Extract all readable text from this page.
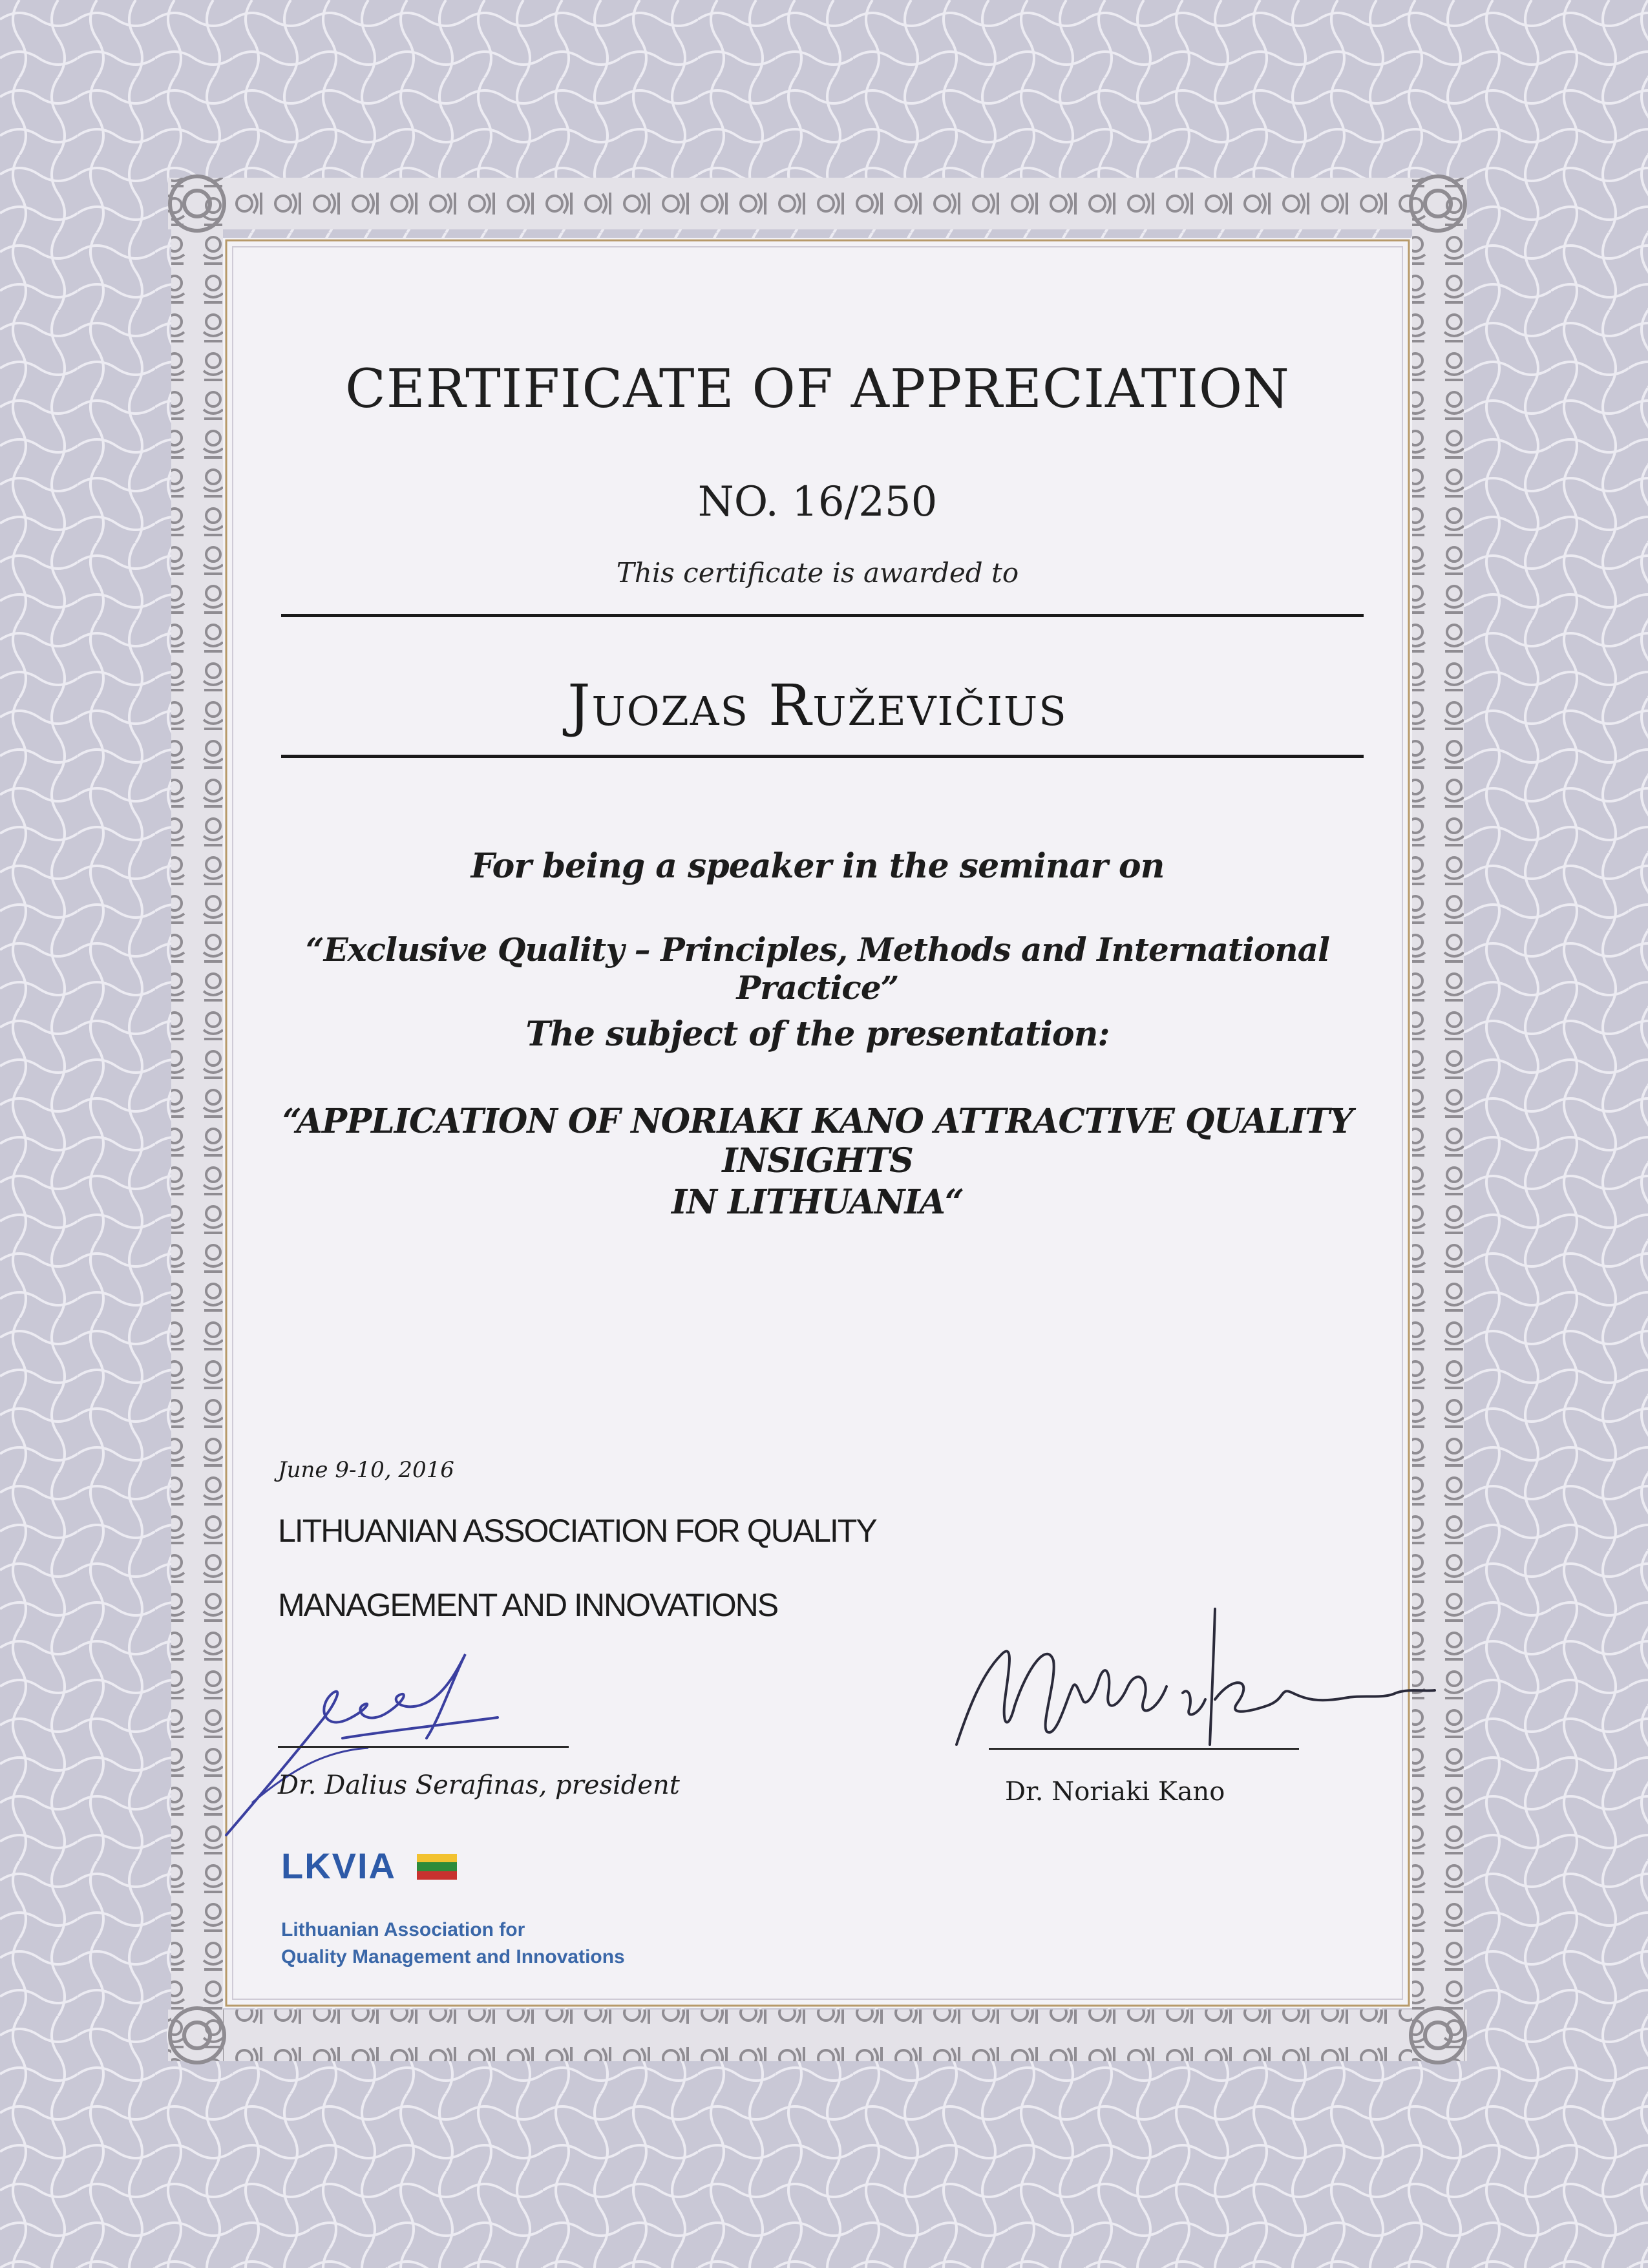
CERTIFICATE OF APPRECIATION
NO. 16/250
This certificate is awarded to
Juozas Ruževičius
For being a speaker in the seminar on
“Exclusive Quality – Principles, Methods and International Practice”
The subject of the presentation:
“APPLICATION OF NORIAKI KANO ATTRACTIVE QUALITY INSIGHTS
IN LITHUANIA“
June 9-10, 2016
LITHUANIAN ASSOCIATION FOR QUALITY
MANAGEMENT AND INNOVATIONS
Dr. Dalius Serafinas, president	Dr. Noriaki Kano
LKVIA
Lithuanian Association for
Quality Management and Innovations
